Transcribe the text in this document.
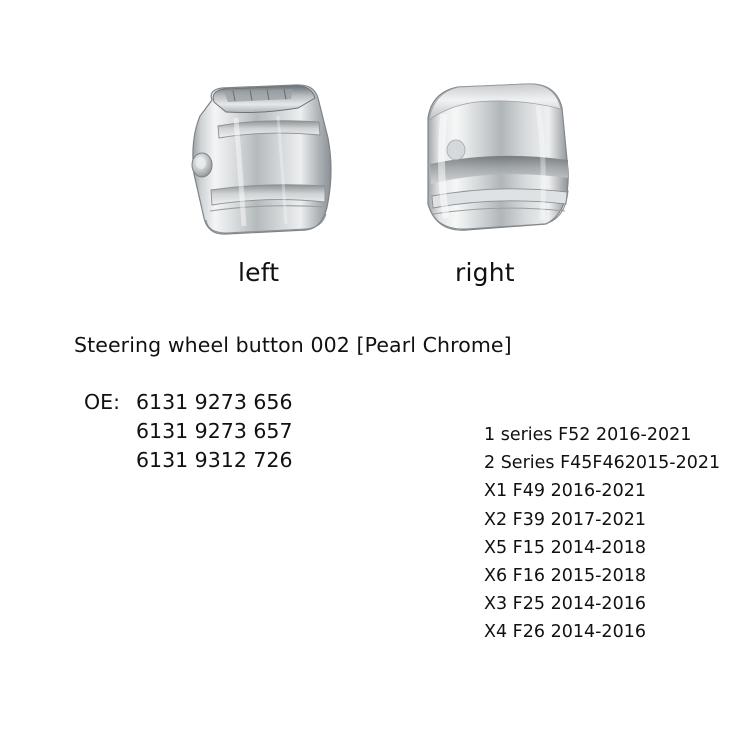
left	right
Steering wheel button 002 [Pearl Chrome]
OE: 6131 9273 656
6131 9273 657
6131 9312 726
1 series F52 2016-2021
2 Series F45F462015-2021
X1 F49 2016-2021
X2 F39 2017-2021
X5 F15 2014-2018
X6 F16 2015-2018
X3 F25 2014-2016
X4 F26 2014-2016
